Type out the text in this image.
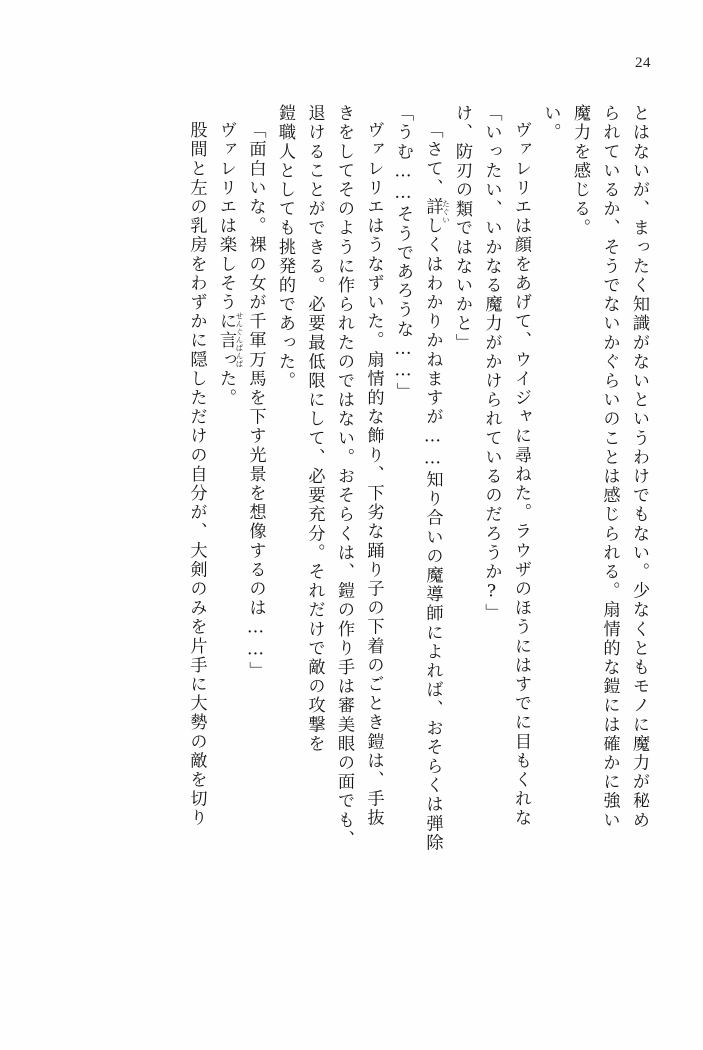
24
とはないが、まったく知識がないというわけでもない。少なくともモノに魔力が秘め
られているか、そうでないかぐらいのことは感じられる。扇情的な鎧には確かに強い
魔力を感じる。
い。
ヴァレリエは顔をあげて、ウイジャに尋ねた。ラウザのほうにはすでに目もくれな
「いったい、いかなる魔力がかけられているのだろうか?」
け、防刃の類
たぐい
ではないかと」
「さて、詳しくはわかりかねますが……知り合いの魔導師によれば、おそらくは弾除
「うむ……そうであろうな……」
ヴァレリエはうなずいた。扇情的な飾り、下劣な踊り子の下着のごとき鎧は、手抜
きをしてそのように作られたのではない。おそらくは、鎧の作り手は審美眼の面でも、
退けることができる。必要最低限にして、必要充分。それだけで敵の攻撃を
鎧職人としても挑発的であった。
「面白いな。裸の女が千軍万馬
せんぐんばんば
を下す光景を想像するのは……」
ヴァレリエは楽しそうに言った。
股間と左の乳房をわずかに隠しただけの自分が、大剣のみを片手に大勢の敵を切り
